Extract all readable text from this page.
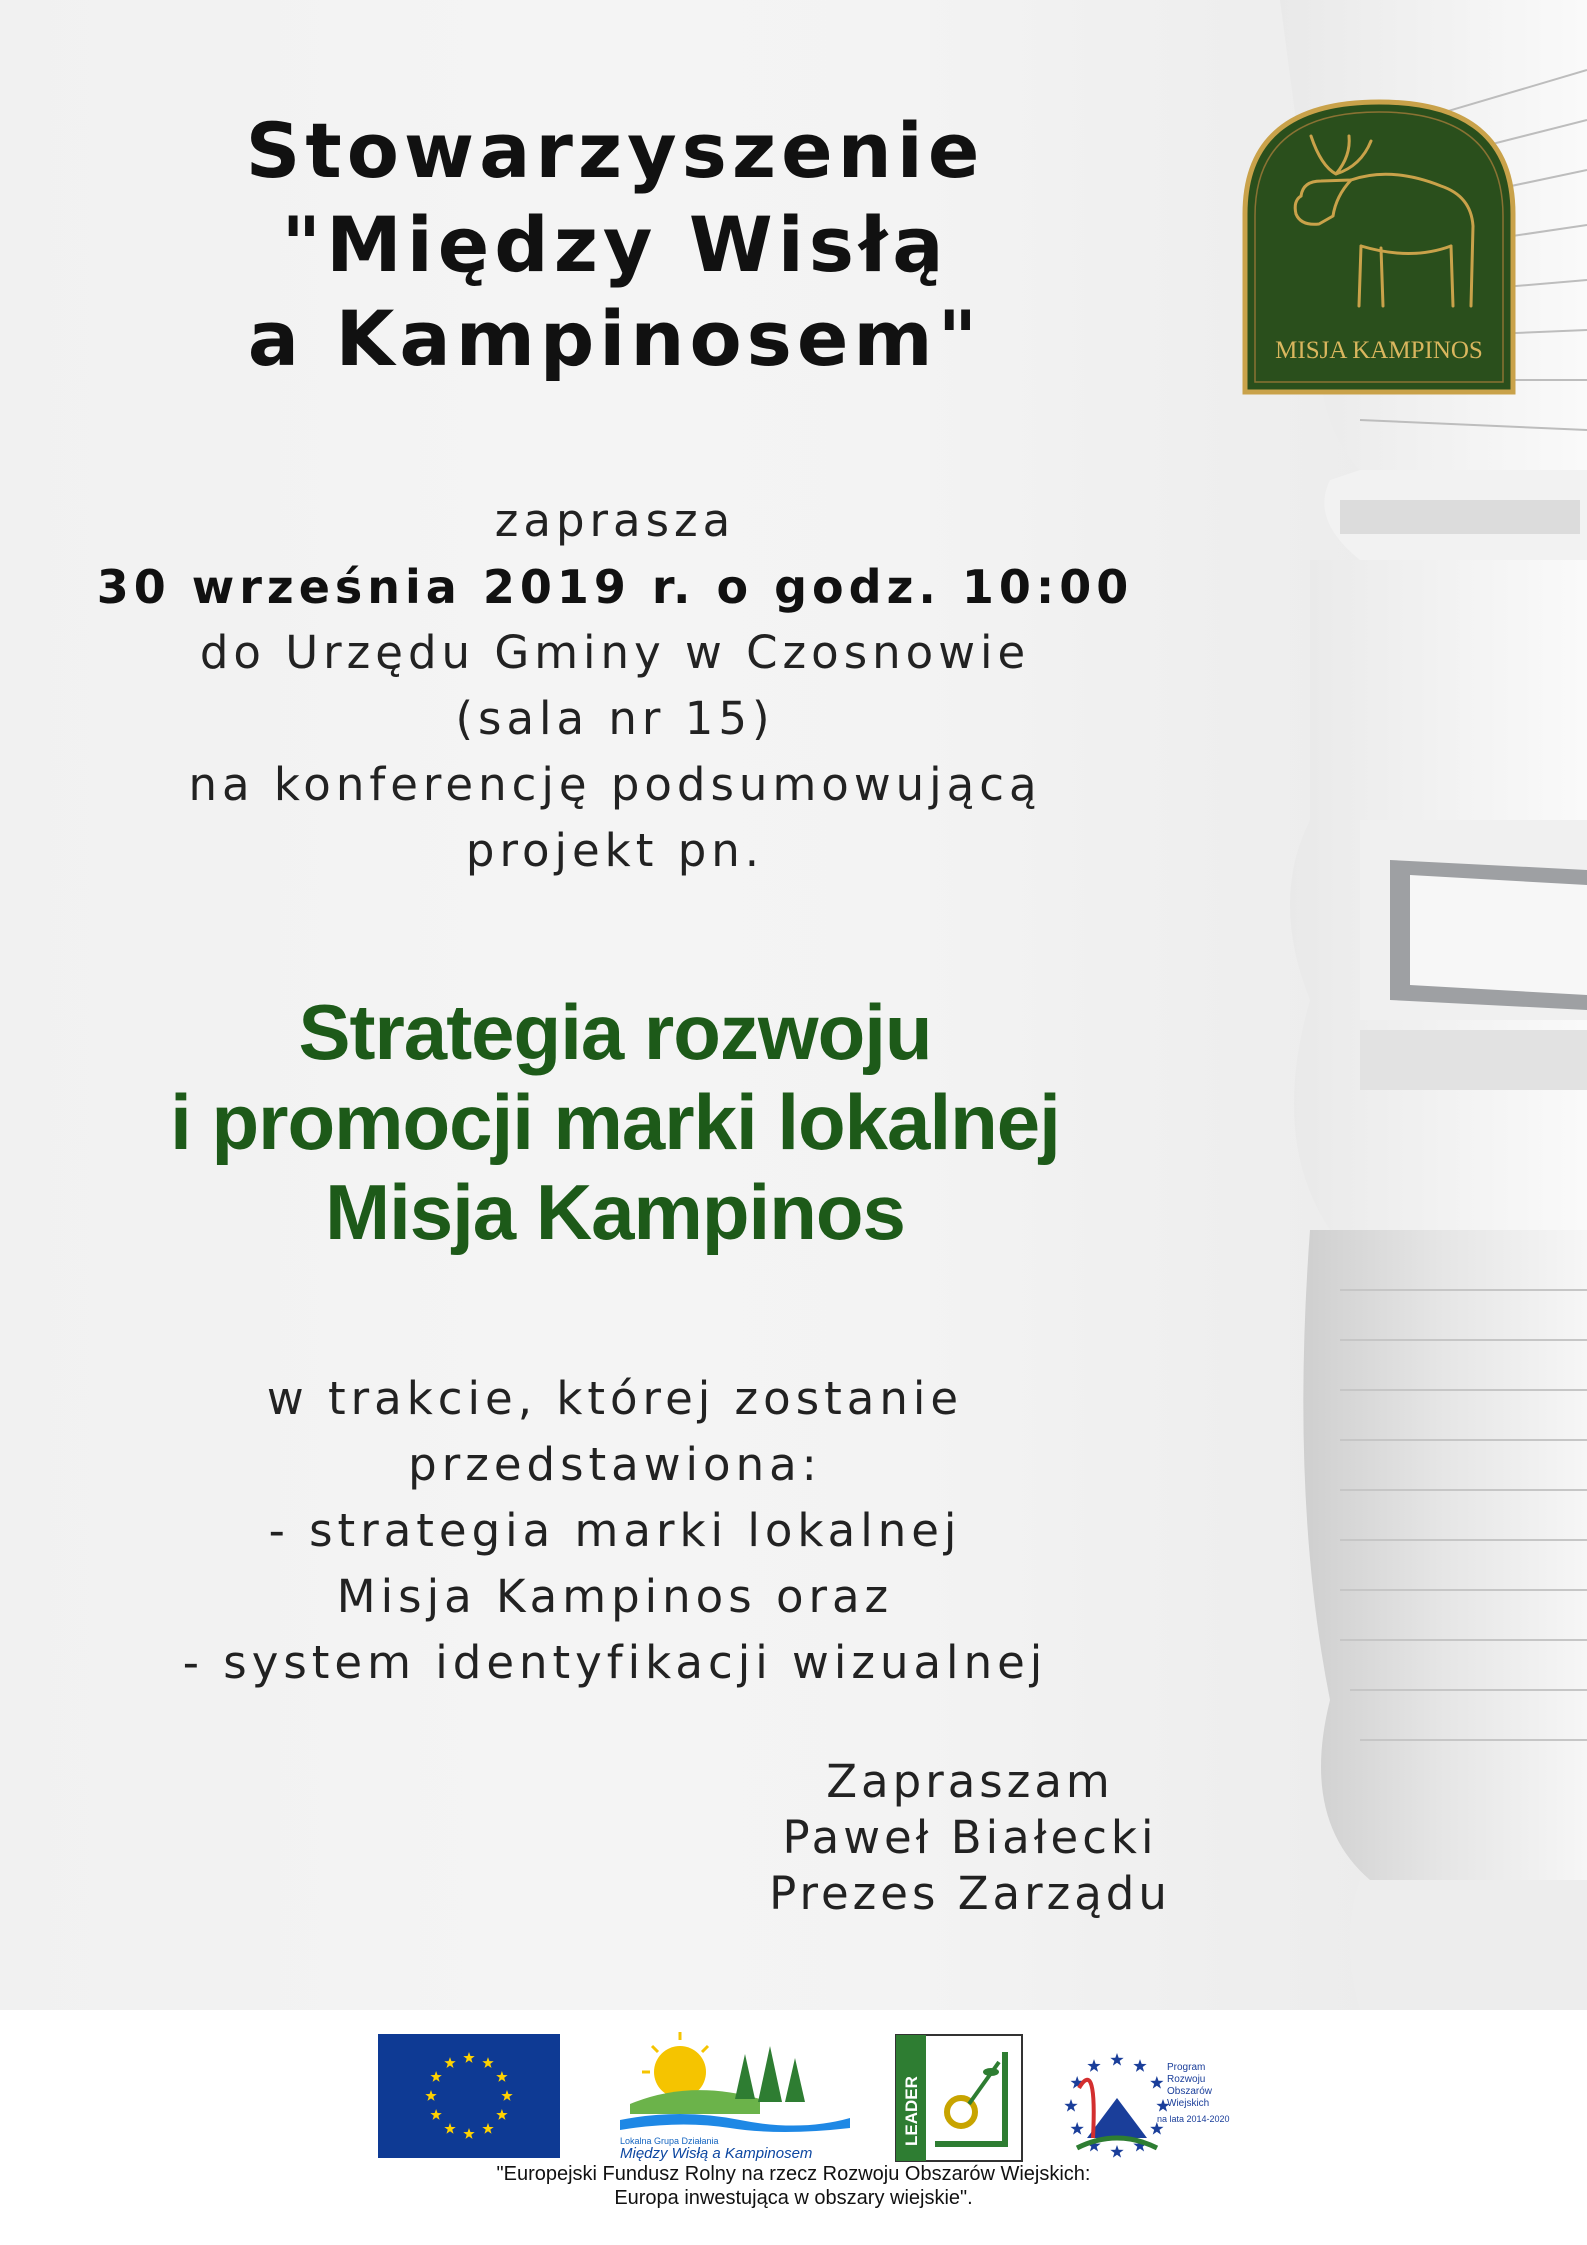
MISJA KAMPINOS
Stowarzyszenie
"Między Wisłą
a Kampinosem"
zaprasza
30 września 2019 r. o godz. 10:00
do Urzędu Gminy w Czosnowie
(sala nr 15)
na konferencję podsumowującą
projekt pn.
Strategia rozwoju
i promocji marki lokalnej
Misja Kampinos
w trakcie, której zostanie
przedstawiona:
- strategia marki lokalnej
Misja Kampinos oraz
- system identyfikacji wizualnej
Zapraszam
Paweł Białecki
Prezes Zarządu
Lokalna Grupa Działania
Między Wisłą a Kampinosem
LEADER
Program
Rozwoju
Obszarów
Wiejskich
na lata 2014-2020
"Europejski Fundusz Rolny na rzecz Rozwoju Obszarów Wiejskich:
Europa inwestująca w obszary wiejskie".
